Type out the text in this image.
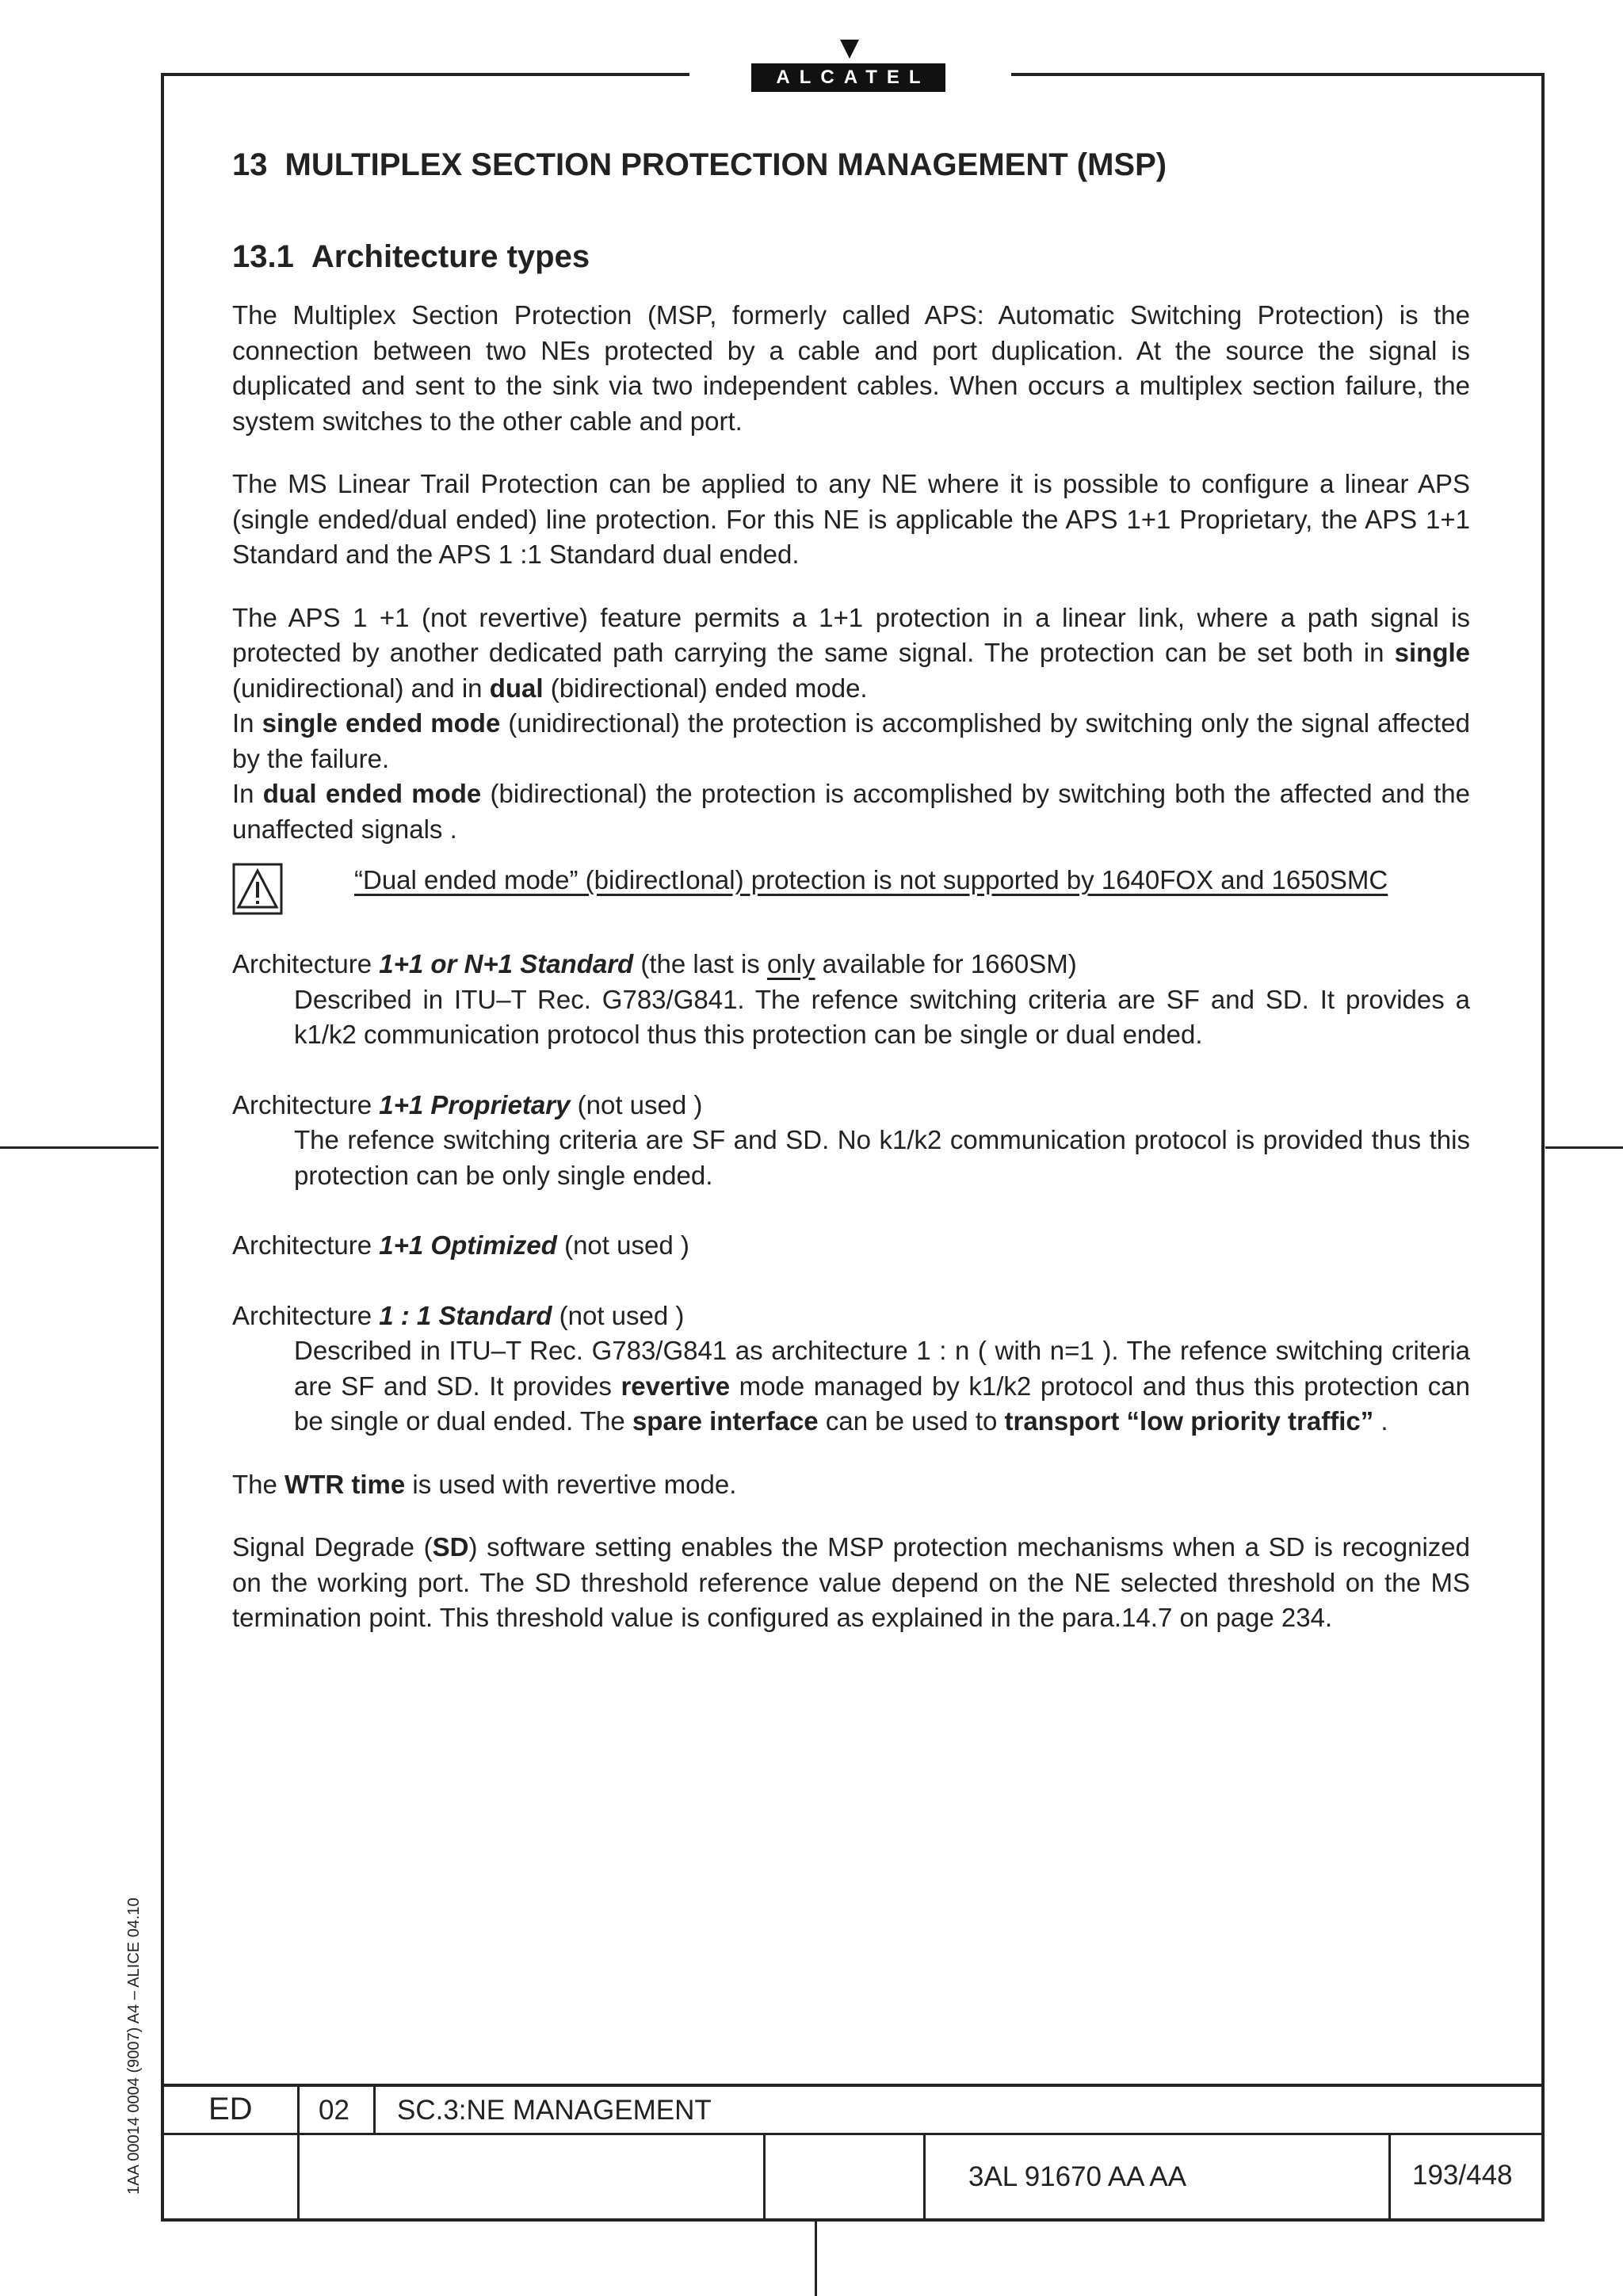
ALCATEL
13 MULTIPLEX SECTION PROTECTION MANAGEMENT (MSP)
13.1 Architecture types

The Multiplex Section Protection (MSP, formerly called APS: Automatic Switching Protection) is the connection between two NEs protected by a cable and port duplication. At the source the signal is duplicated and sent to the sink via two independent cables. When occurs a multiplex section failure, the system switches to the other cable and port.

The MS Linear Trail Protection can be applied to any NE where it is possible to configure a linear APS (single ended/dual ended) line protection. For this NE is applicable the APS 1+1 Proprietary, the APS 1+1 Standard and the APS 1 :1 Standard dual ended.

The APS 1 +1 (not revertive) feature permits a 1+1 protection in a linear link, where a path signal is protected by another dedicated path carrying the same signal. The protection can be set both in single (unidirectional) and in dual (bidirectional) ended mode.

In single ended mode (unidirectional) the protection is accomplished by switching only the signal affected by the failure.

In dual ended mode (bidirectional) the protection is accomplished by switching both the affected and the unaffected signals .

“Dual ended mode” (bidirectIonal) protection is not supported by 1640FOX and 1650SMC

Architecture 1+1 or N+1 Standard (the last is only available for 1660SM)

Described in ITU–T Rec. G783/G841. The refence switching criteria are SF and SD. It provides a k1/k2 communication protocol thus this protection can be single or dual ended.

Architecture 1+1 Proprietary (not used )

The refence switching criteria are SF and SD. No k1/k2 communication protocol is provided thus this protection can be only single ended.

Architecture 1+1 Optimized (not used )

Architecture 1 : 1 Standard (not used )

Described in ITU–T Rec. G783/G841 as architecture 1 : n ( with n=1 ). The refence switching criteria are SF and SD. It provides revertive mode managed by k1/k2 protocol and thus this protection can be single or dual ended. The spare interface can be used to transport “low priority traffic” .

The WTR time is used with revertive mode.

Signal Degrade (SD) software setting enables the MSP protection mechanisms when a SD is recognized on the working port. The SD threshold reference value depend on the NE selected threshold on the MS termination point. This threshold value is configured as explained in the para.14.7 on page 234.

ED 02 SC.3:NE MANAGEMENT
3AL 91670 AA AA	193/448
1AA 00014 0004 (9007) A4 – ALICE 04.10
